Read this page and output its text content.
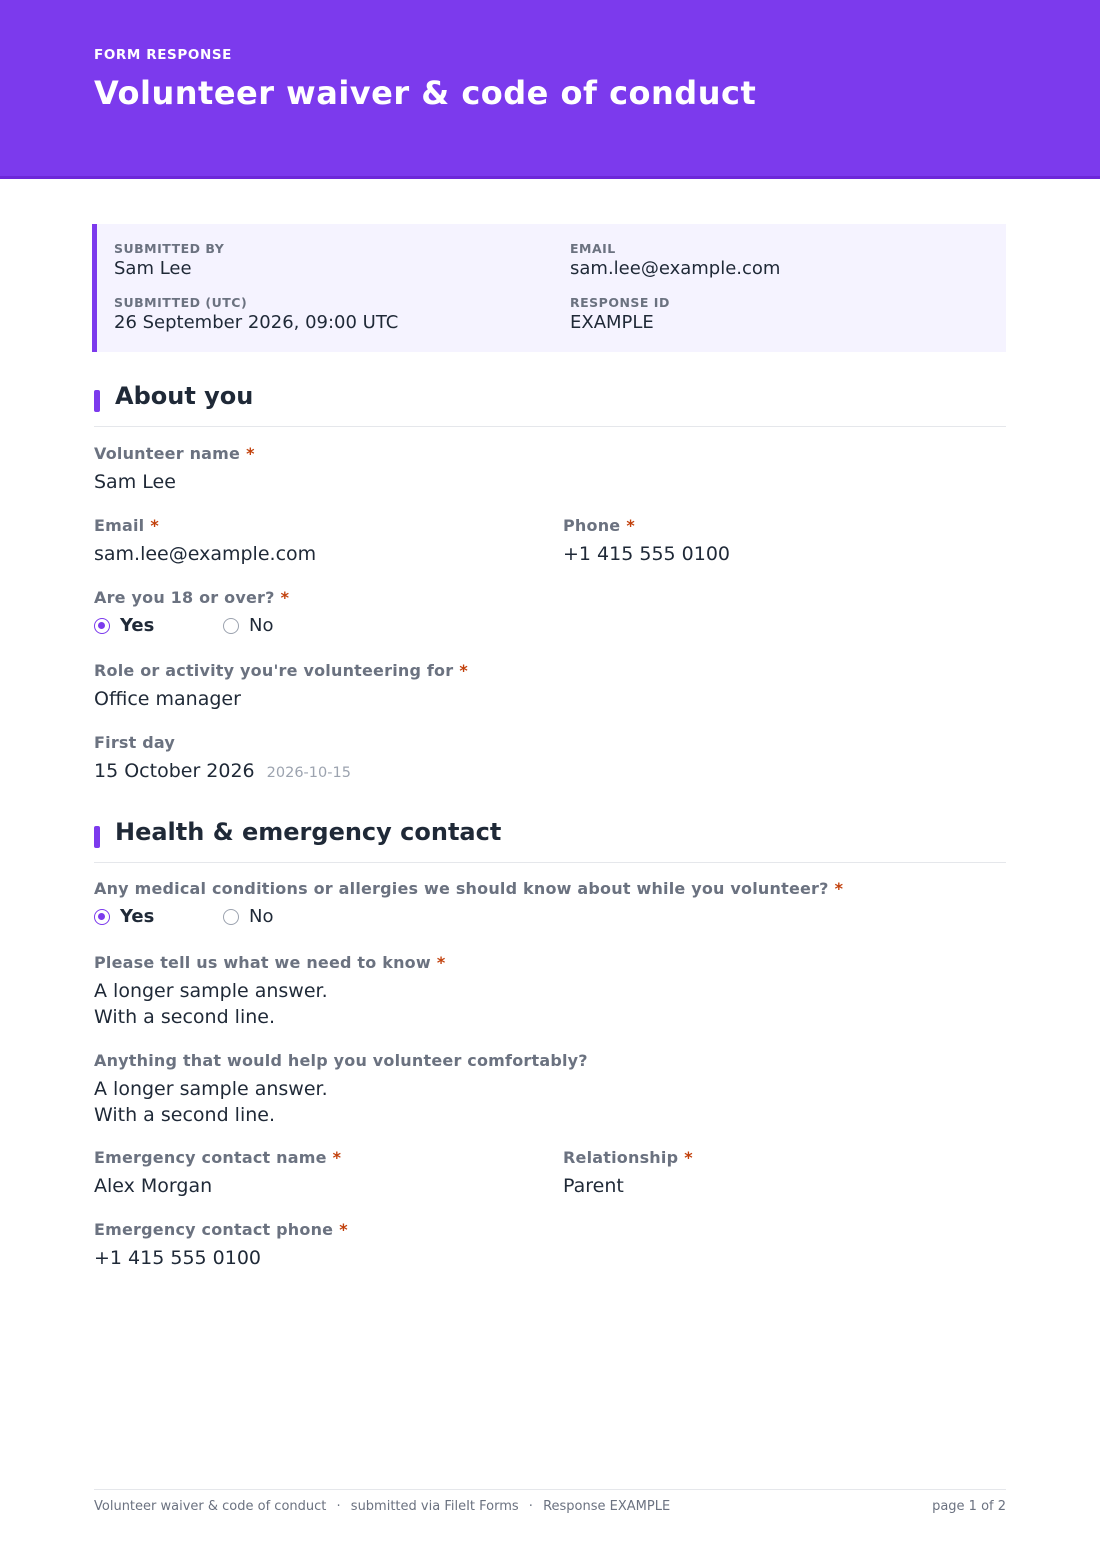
FORM RESPONSE
Volunteer waiver & code of conduct
SUBMITTED BY
Sam Lee
EMAIL
sam.lee@example.com
SUBMITTED (UTC)
26 September 2026, 09:00 UTC
RESPONSE ID
EXAMPLE
About you
Volunteer name *
Sam Lee
Email *
sam.lee@example.com
Phone *
+1 415 555 0100
Are you 18 or over? *
Yes	No
Role or activity you're volunteering for *
Office manager
First day
15 October 2026 2026-10-15
Health & emergency contact
Any medical conditions or allergies we should know about while you volunteer? *
Yes	No
Please tell us what we need to know *
A longer sample answer.
With a second line.
Anything that would help you volunteer comfortably?
A longer sample answer.
With a second line.
Emergency contact name *
Alex Morgan
Relationship *
Parent
Emergency contact phone *
+1 415 555 0100
Volunteer waiver & code of conduct · submitted via FileIt Forms · Response EXAMPLE	page 1 of 2
